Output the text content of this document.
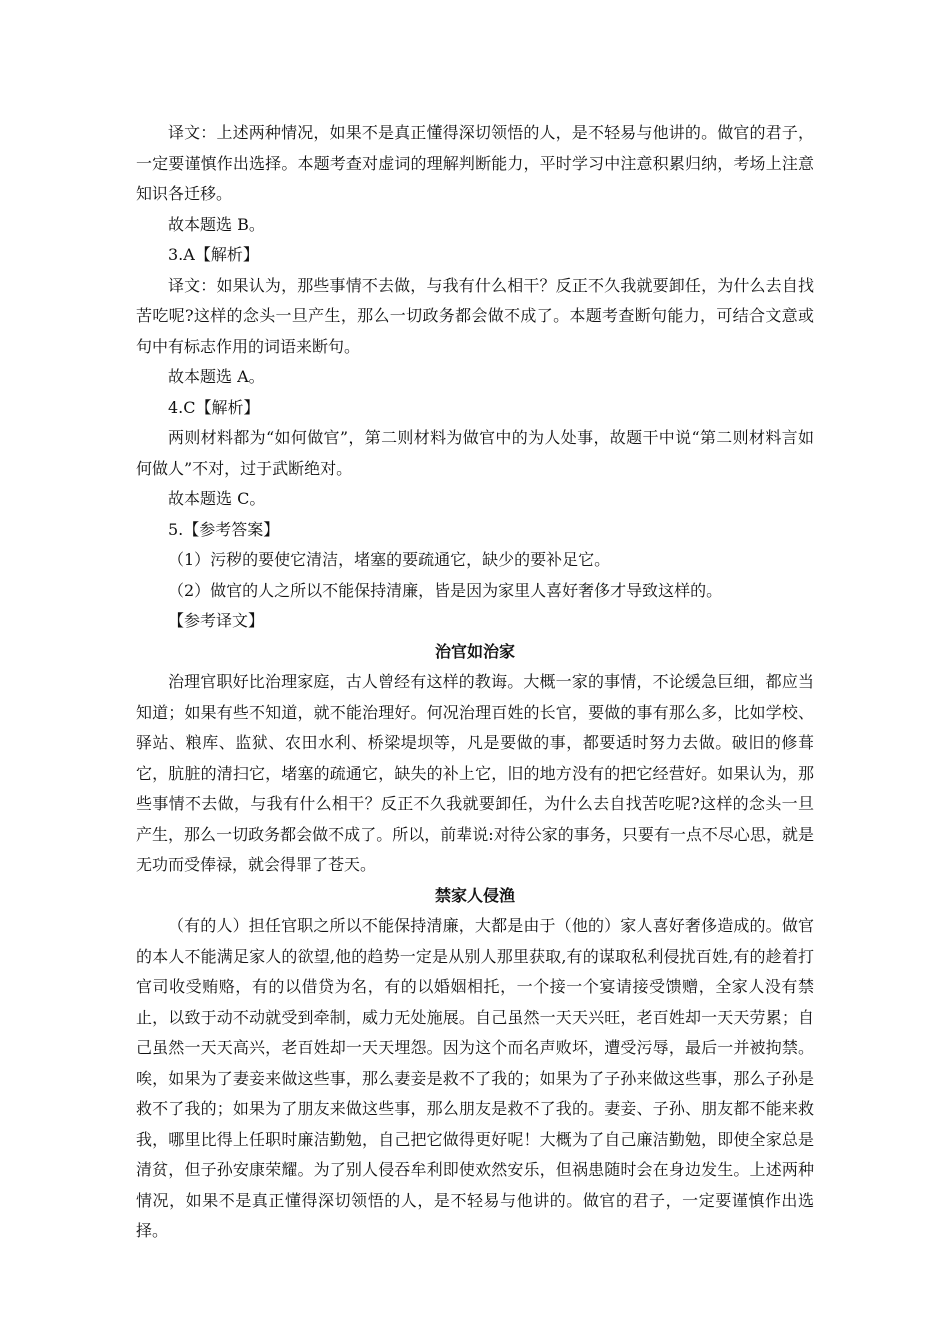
译文：上述两种情况，如果不是真正懂得深切领悟的人，是不轻易与他讲的。做官的君子，一定要谨慎作出选择。本题考查对虚词的理解判断能力，平时学习中注意积累归纳，考场上注意知识各迁移。

故本题选 B。

3.A【解析】

译文：如果认为，那些事情不去做，与我有什么相干？反正不久我就要卸任，为什么去自找苦吃呢?这样的念头一旦产生，那么一切政务都会做不成了。本题考查断句能力，可结合文意或句中有标志作用的词语来断句。

故本题选 A。

4.C【解析】

两则材料都为“如何做官”，第二则材料为做官中的为人处事，故题干中说“第二则材料言如何做人”不对，过于武断绝对。

故本题选 C。

5.【参考答案】

（1）污秽的要使它清洁，堵塞的要疏通它，缺少的要补足它。

（2）做官的人之所以不能保持清廉，皆是因为家里人喜好奢侈才导致这样的。

【参考译文】

治官如治家

治理官职好比治理家庭，古人曾经有这样的教诲。大概一家的事情，不论缓急巨细，都应当知道；如果有些不知道，就不能治理好。何况治理百姓的长官，要做的事有那么多，比如学校、驿站、粮库、监狱、农田水利、桥梁堤坝等，凡是要做的事，都要适时努力去做。破旧的修葺它，肮脏的清扫它，堵塞的疏通它，缺失的补上它，旧的地方没有的把它经营好。如果认为，那些事情不去做，与我有什么相干？反正不久我就要卸任，为什么去自找苦吃呢?这样的念头一旦产生，那么一切政务都会做不成了。所以，前辈说:对待公家的事务，只要有一点不尽心思，就是无功而受俸禄，就会得罪了苍天。

禁家人侵渔

（有的人）担任官职之所以不能保持清廉，大都是由于（他的）家人喜好奢侈造成的。做官的本人不能满足家人的欲望,他的趋势一定是从别人那里获取,有的谋取私利侵扰百姓,有的趁着打官司收受贿赂，有的以借贷为名，有的以婚姻相托，一个接一个宴请接受馈赠，全家人没有禁止，以致于动不动就受到牵制，威力无处施展。自己虽然一天天兴旺，老百姓却一天天劳累；自己虽然一天天高兴，老百姓却一天天埋怨。因为这个而名声败坏，遭受污辱，最后一并被拘禁。唉，如果为了妻妾来做这些事，那么妻妾是救不了我的；如果为了子孙来做这些事，那么子孙是救不了我的；如果为了朋友来做这些事，那么朋友是救不了我的。妻妾、子孙、朋友都不能来救我，哪里比得上任职时廉洁勤勉，自己把它做得更好呢！大概为了自己廉洁勤勉，即使全家总是清贫，但子孙安康荣耀。为了别人侵吞牟利即使欢然安乐，但祸患随时会在身边发生。上述两种情况，如果不是真正懂得深切领悟的人，是不轻易与他讲的。做官的君子，一定要谨慎作出选择。
